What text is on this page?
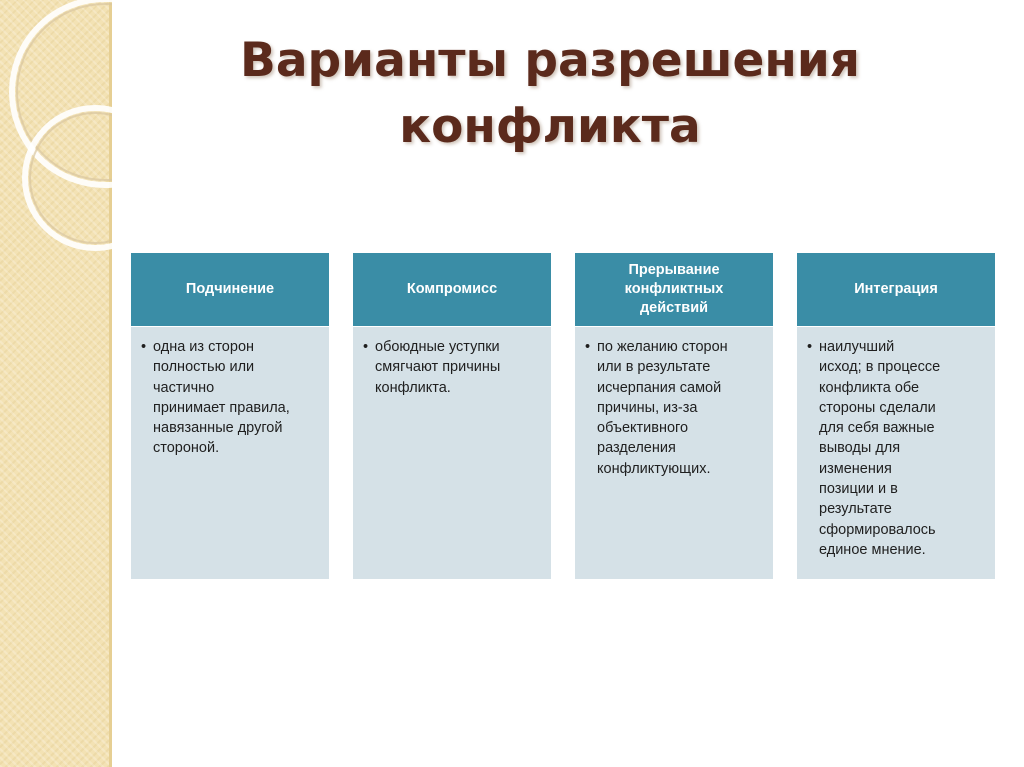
Варианты разрешения
конфликта
Подчинение
• одна из сторон
полностью или
частично
принимает правила,
навязанные другой
стороной.
Компромисс
• обоюдные уступки
смягчают причины
конфликта.
Прерывание
конфликтных
действий
• по желанию сторон
или в результате
исчерпания самой
причины, из-за
объективного
разделения
конфликтующих.
Интеграция
• наилучший
исход; в процессе
конфликта обе
стороны сделали
для себя важные
выводы для
изменения
позиции и в
результате
сформировалось
единое мнение.
